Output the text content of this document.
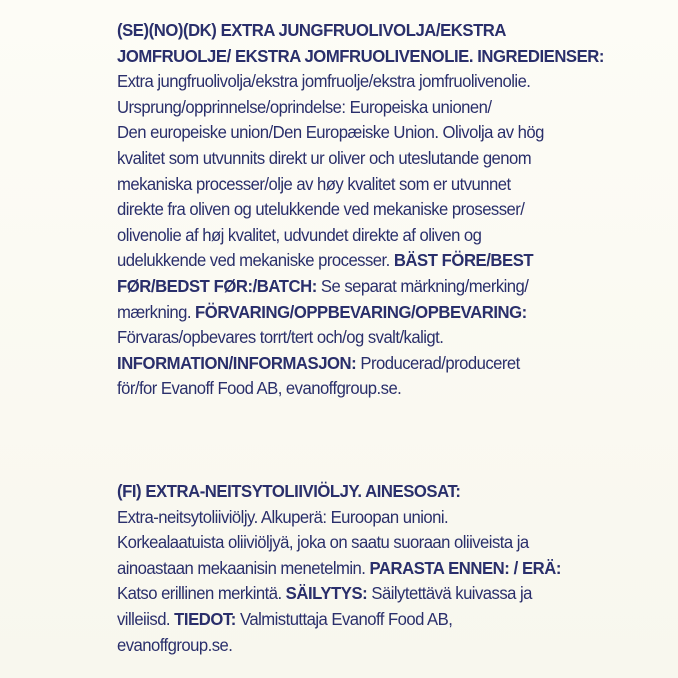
(SE)(NO)(DK) EXTRA JUNGFRUOLIVOLJA/EKSTRA
JOMFRUOLJE/ EKSTRA JOMFRUOLIVENOLIE. INGREDIENSER:
Extra jungfruolivolja/ekstra jomfruolje/ekstra jomfruolivenolie.
Ursprung/opprinnelse/oprindelse: Europeiska unionen/
Den europeiske union/Den Europæiske Union. Olivolja av hög
kvalitet som utvunnits direkt ur oliver och uteslutande genom
mekaniska processer/olje av høy kvalitet som er utvunnet
direkte fra oliven og utelukkende ved mekaniske prosesser/
olivenolie af høj kvalitet, udvundet direkte af oliven og
udelukkende ved mekaniske processer. BÄST FÖRE/BEST
FØR/BEDST FØR:/BATCH: Se separat märkning/merking/
mærkning. FÖRVARING/OPPBEVARING/OPBEVARING:
Förvaras/opbevares torrt/tert och/og svalt/kaligt.
INFORMATION/INFORMASJON: Producerad/produceret
för/for Evanoff Food AB, evanoffgroup.se.
(FI) EXTRA-NEITSYTOLIIVIÖLJY. AINESOSAT:
Extra-neitsytoliiviöljy. Alkuperä: Euroopan unioni.
Korkealaatuista oliiviöljyä, joka on saatu suoraan oliiveista ja
ainoastaan mekaanisin menetelmin. PARASTA ENNEN: / ERÄ:
Katso erillinen merkintä. SÄILYTYS: Säilytettävä kuivassa ja
villeiisd. TIEDOT: Valmistuttaja Evanoff Food AB,
evanoffgroup.se.
